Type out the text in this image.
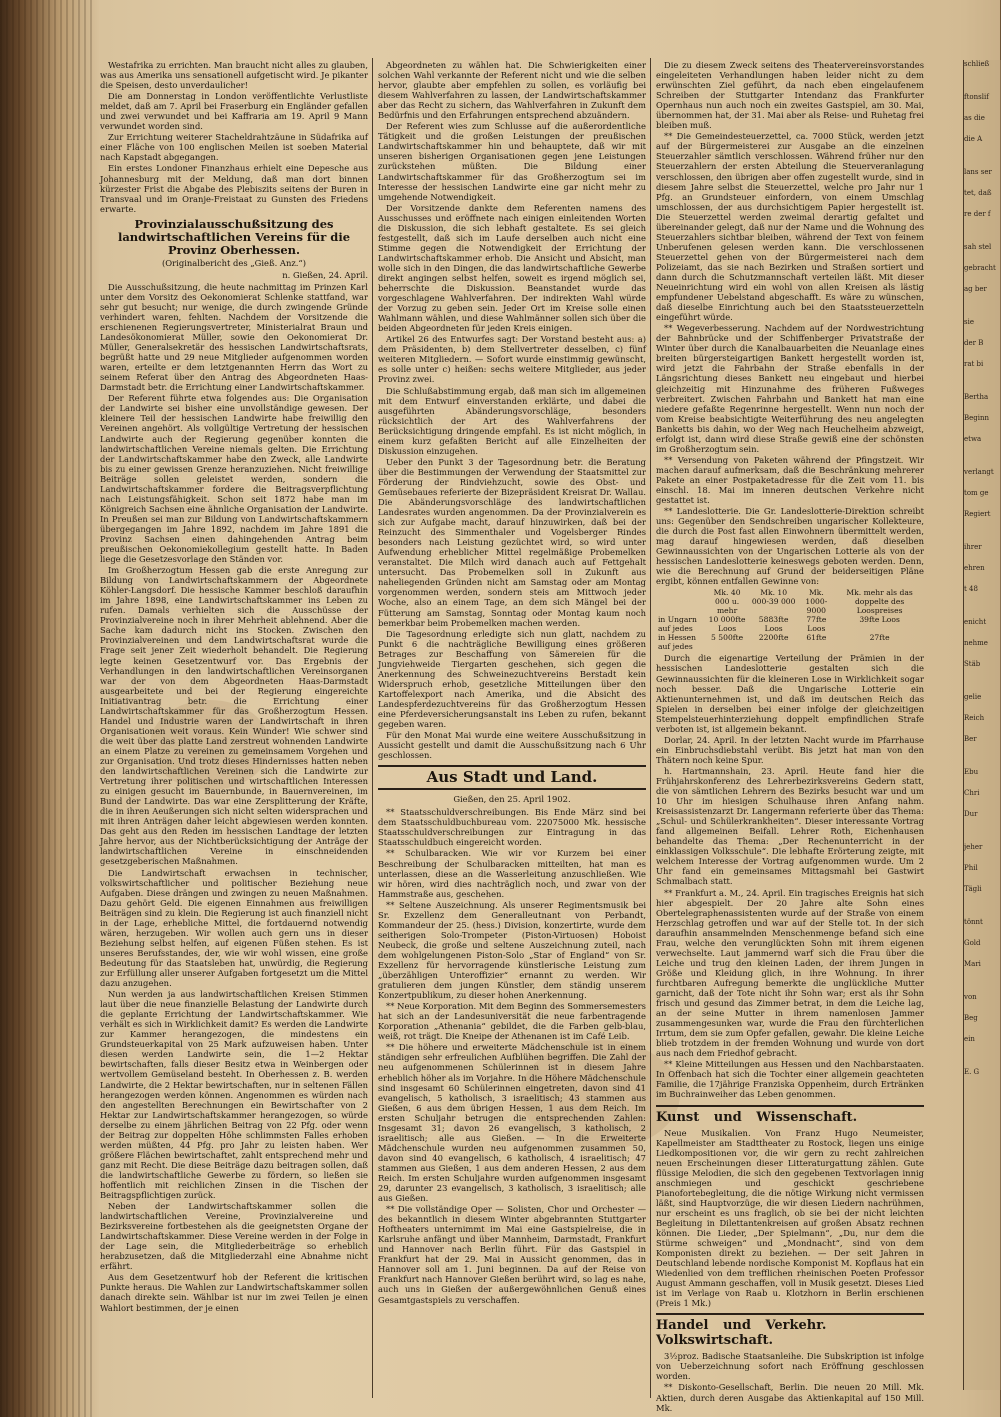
Westafrika zu errichten. Man braucht nicht alles zu glauben, was aus Amerika uns sensationell aufgetischt wird. Je pikanter die Speisen, desto unverdaulicher!

Die am Donnerstag in London veröffentlichte Verlustliste meldet, daß am 7. April bei Fraserburg ein Engländer gefallen und zwei verwundet und bei Kaffraria am 19. April 9 Mann verwundet worden sind.

Zur Errichtung weiterer Stacheldrahtzäune in Südafrika auf einer Fläche von 100 englischen Meilen ist soeben Material nach Kapstadt abgegangen.

Ein erstes Londoner Finanzhaus erhielt eine Depesche aus Johannesburg mit der Meldung, daß man dort binnen kürzester Frist die Abgabe des Plebiszits seitens der Buren in Transvaal und im Oranje-Freistaat zu Gunsten des Friedens erwarte.

Provinzialausschußsitzung des landwirtschaftlichen Vereins für die Provinz Oberhessen.
(Originalbericht des „Gieß. Anz.“)
n. Gießen, 24. April.

Die Ausschußsitzung, die heute nachmittag im Prinzen Karl unter dem Vorsitz des Oekonomierat Schlenke stattfand, war sehr gut besucht; nur wenige, die durch zwingende Gründe verhindert waren, fehlten. Nachdem der Vorsitzende die erschienenen Regierungsvertreter, Ministerialrat Braun und Landesökonomierat Müller, sowie den Oekonomierat Dr. Müller, Generalsekretär des hessischen Landwirtschaftsrats, begrüßt hatte und 29 neue Mitglieder aufgenommen worden waren, erteilte er dem letztgenannten Herrn das Wort zu seinem Referat über den Antrag des Abgeordneten Haas-Darmstadt betr. die Errichtung einer Landwirtschaftskammer.

Der Referent führte etwa folgendes aus: Die Organisation der Landwirte sei bisher eine unvollständige gewesen. Der kleinere Teil der hessischen Landwirte habe freiwillig den Vereinen angehört. Als vollgültige Vertretung der hessischen Landwirte auch der Regierung gegenüber konnten die landwirtschaftlichen Vereine niemals gelten. Die Errichtung der Landwirtschaftskammer habe den Zweck, alle Landwirte bis zu einer gewissen Grenze heranzuziehen. Nicht freiwillige Beiträge sollen geleistet werden, sondern die Landwirtschaftskammer fordere die Beitragsverpflichtung nach Leistungsfähigkeit. Schon seit 1872 habe man im Königreich Sachsen eine ähnliche Organisation der Landwirte. In Preußen sei man zur Bildung von Landwirtschaftskammern übergegangen im Jahre 1892, nachdem im Jahre 1891 die Provinz Sachsen einen dahingehenden Antrag beim preußischen Oekonomiekollegium gestellt hatte. In Baden liege die Gesetzesvorlage den Ständen vor.

Im Großherzogtum Hessen gab die erste Anregung zur Bildung von Landwirtschaftskammern der Abgeordnete Köhler-Langsdorf. Die hessische Kammer beschloß daraufhin im Jahre 1898, eine Landwirtschaftskammer ins Leben zu rufen. Damals verhielten sich die Ausschüsse der Provinzialvereine noch in ihrer Mehrheit ablehnend. Aber die Sache kam dadurch nicht ins Stocken. Zwischen den Provinzialvereinen und dem Landwirtschaftsrat wurde die Frage seit jener Zeit wiederholt behandelt. Die Regierung legte keinen Gesetzentwurf vor. Das Ergebnis der Verhandlungen in den landwirtschaftlichen Vereinsorganen war der von dem Abgeordneten Haas-Darmstadt ausgearbeitete und bei der Regierung eingereichte Initiativantrag betr. die Errichtung einer Landwirtschaftskammer für das Großherzogtum Hessen. Handel und Industrie waren der Landwirtschaft in ihren Organisationen weit voraus. Kein Wunder! Wie schwer sind die weit über das platte Land zerstreut wohnenden Landwirte an einem Platze zu vereinen zu gemeinsamem Vorgehen und zur Organisation. Und trotz dieses Hindernisses hatten neben den landwirtschaftlichen Vereinen sich die Landwirte zur Vertretung ihrer politischen und wirtschaftlichen Interessen zu einigen gesucht im Bauernbunde, in Bauernvereinen, im Bund der Landwirte. Das war eine Zersplitterung der Kräfte, die in ihren Aeußerungen sich nicht selten widersprachen und mit ihren Anträgen daher leicht abgewiesen werden konnten. Das geht aus den Reden im hessischen Landtage der letzten Jahre hervor, aus der Nichtberücksichtigung der Anträge der landwirtschaftlichen Vereine in einschneidenden gesetzgeberischen Maßnahmen.

Die Landwirtschaft erwachsen in technischer, volkswirtschaftlicher und politischer Beziehung neue Aufgaben. Diese drängen und zwingen zu neuen Maßnahmen. Dazu gehört Geld. Die eigenen Einnahmen aus freiwilligen Beiträgen sind zu klein. Die Regierung ist auch finanziell nicht in der Lage, erhebliche Mittel, die fortdauernd notwendig wären, herzugeben. Wir wollen auch gern uns in dieser Beziehung selbst helfen, auf eigenen Füßen stehen. Es ist unseres Berufsstandes, der, wie wir wohl wissen, eine große Bedeutung für das Staatsleben hat, unwürdig, die Regierung zur Erfüllung aller unserer Aufgaben fortgesetzt um die Mittel dazu anzugehen.

Nun werden ja aus landwirtschaftlichen Kreisen Stimmen laut über die neue finanzielle Belastung der Landwirte durch die geplante Errichtung der Landwirtschaftskammer. Wie verhält es sich in Wirklichkeit damit? Es werden die Landwirte zur Kammer herangezogen, die mindestens ein Grundsteuerkapital von 25 Mark aufzuweisen haben. Unter diesen werden Landwirte sein, die 1—2 Hektar bewirtschaften, falls dieser Besitz etwa in Weinbergen oder wertvollem Gemüseland besteht. In Oberhessen z. B. werden Landwirte, die 2 Hektar bewirtschaften, nur in seltenen Fällen herangezogen werden können. Angenommen es würden nach den angestellten Berechnungen ein Bewirtschafter von 2 Hektar zur Landwirtschaftskammer herangezogen, so würde derselbe zu einem jährlichen Beitrag von 22 Pfg. oder wenn der Beitrag zur doppelten Höhe schlimmsten Falles erhoben werden müßten, 44 Pfg. pro Jahr zu leisten haben. Wer größere Flächen bewirtschaftet, zahlt entsprechend mehr und ganz mit Recht. Die diese Beiträge dazu beitragen sollen, daß die landwirtschaftliche Gewerbe zu fördern, so ließen sie hoffentlich mit reichlichen Zinsen in die Tischen der Beitragspflichtigen zurück.

Neben der Landwirtschaftskammer sollen die landwirtschaftlichen Vereine, Provinzialvereine und Bezirksvereine fortbestehen als die geeignetsten Organe der Landwirtschaftskammer. Diese Vereine werden in der Folge in der Lage sein, die Mitgliederbeiträge so erheblich herabzusetzen, daß die Mitgliederzahl eine Abnahme nicht erfährt.

Aus dem Gesetzentwurf hob der Referent die kritischen Punkte heraus. Die Wahlen zur Landwirtschaftskammer sollen danach direkte sein. Wählbar ist nur im zwei Teilen je einen Wahlort bestimmen, der je einen

Abgeordneten zu wählen hat. Die Schwierigkeiten einer solchen Wahl verkannte der Referent nicht und wie die selben hervor, glaubte aber empfehlen zu sollen, es vorläufig bei diesem Wahlverfahren zu lassen, der Landwirtschaftskammer aber das Recht zu sichern, das Wahlverfahren in Zukunft dem Bedürfnis und den Erfahrungen entsprechend abzuändern.

Der Referent wies zum Schlusse auf die außerordentliche Tätigkeit und die großen Leistungen der preußischen Landwirtschaftskammer hin und behauptete, daß wir mit unseren bisherigen Organisationen gegen jene Leistungen zurückstehen müßten. Die Bildung einer Landwirtschaftskammer für das Großherzogtum sei im Interesse der hessischen Landwirte eine gar nicht mehr zu umgehende Notwendigkeit.

Der Vorsitzende dankte dem Referenten namens des Ausschusses und eröffnete nach einigen einleitenden Worten die Diskussion, die sich lebhaft gestaltete. Es sei gleich festgestellt, daß sich im Laufe derselben auch nicht eine Stimme gegen die Notwendigkeit der Errichtung der Landwirtschaftskammer erhob. Die Ansicht und Absicht, man wolle sich in den Dingen, die das landwirtschaftliche Gewerbe direkt angingen selbst helfen, soweit es irgend möglich sei, beherrschte die Diskussion. Beanstandet wurde das vorgeschlagene Wahlverfahren. Der indirekten Wahl würde der Vorzug zu geben sein. Jeder Ort im Kreise solle einen Wahlmann wählen, und diese Wahlmänner sollen sich über die beiden Abgeordneten für jeden Kreis einigen.

Artikel 26 des Entwurfes sagt: Der Vorstand besteht aus: a) dem Präsidenten, b) dem Stellvertreter desselben, c) fünf weiteren Mitgliedern. — Sofort wurde einstimmig gewünscht, es solle unter c) heißen: sechs weitere Mitglieder, aus jeder Provinz zwei.

Die Schlußabstimmung ergab, daß man sich im allgemeinen mit dem Entwurf einverstanden erklärte, und dabei die ausgeführten Abänderungsvorschläge, besonders rücksichtlich der Art des Wahlverfahrens der Berücksichtigung dringende empfahl. Es ist nicht möglich, in einem kurz gefaßten Bericht auf alle Einzelheiten der Diskussion einzugehen.

Ueber den Punkt 3 der Tagesordnung betr. die Beratung über die Bestimmungen der Verwendung der Staatsmittel zur Förderung der Rindviehzucht, sowie des Obst- und Gemüsebaues referierte der Bizepräsident Kreisrat Dr. Wallau. Die Abänderungsvorschläge des landwirtschaftlichen Landesrates wurden angenommen. Da der Provinzialverein es sich zur Aufgabe macht, darauf hinzuwirken, daß bei der Reinzucht des Simmenthaler und Vogelsberger Rindes besonders nach Leistung gezüchtet wird, so wird unter Aufwendung erheblicher Mittel regelmäßige Probemelken veranstaltet. Die Milch wird danach auch auf Fettgehalt untersucht. Das Probemelken soll in Zukunft aus naheliegenden Gründen nicht am Samstag oder am Montag vorgenommen werden, sondern steis am Mittwoch jeder Woche, also an einem Tage, an dem sich Mängel bei der Fütterung am Samstag, Sonntag oder Montag kaum noch bemerkbar beim Probemelken machen werden.

Die Tagesordnung erledigte sich nun glatt, nachdem zu Punkt 6 die nachträgliche Bewilligung eines größeren Betrages zur Beschaffung von Sämereien für die Jungviehweide Tiergarten geschehen, sich gegen die Anerkennung des Schweinezuchtvereins Berstadt kein Widerspruch erhob, gesetzliche Mitteilungen über den Kartoffelexport nach Amerika, und die Absicht des Landespferdezuchtvereins für das Großherzogtum Hessen eine Pferdeversicherungsanstalt ins Leben zu rufen, bekannt gegeben waren.

Für den Monat Mai wurde eine weitere Ausschußsitzung in Aussicht gestellt und damit die Ausschußsitzung nach 6 Uhr geschlossen.

Aus Stadt und Land.
Gießen, den 25. April 1902.

** Staatsschuldverschreibungen. Bis Ende März sind bei dem Staatsschuldbuchbureau vom. 22075000 Mk. hessische Staatsschuldverschreibungen zur Eintragung in das Staatsschuldbuch eingereicht worden.

** Schulbaracken. Wie wir vor Kurzem bei einer Beschreibung der Schulbaracken mitteilten, hat man es unterlassen, diese an die Wasserleitung anzuschließen. Wie wir hören, wird dies nachträglich noch, und zwar von der Hammstraße aus, geschehen.

** Seltene Auszeichnung. Als unserer Regimentsmusik bei Sr. Exzellenz dem Generalleutnant von Perbandt, Kommandeur der 25. (hess.) Division, konzertirte, wurde dem seitherigen Solo-Trompeter (Piston-Virtuosen) Hoboist Neubeck, die große und seltene Auszeichnung zuteil, nach dem wohlgelungenen Piston-Solo „Star of England“ von Sr. Exzellenz für hervorragende künstlerische Leistung zum „überzähligen Unteroffizier“ ernannt zu werden. Wir gratulieren dem jungen Künstler, dem ständig unserem Konzertpublikum, zu dieser hohen Anerkennung.

** Neue Korporation. Mit dem Beginn des Sommersemesters hat sich an der Landesuniversität die neue farbentragende Korporation „Athenania“ gebildet, die die Farben gelb-blau, weiß, rot trägt. Die Kneipe der Athenanen ist im Café Leib.

** Die höhere und erweiterte Mädchenschule ist in einem ständigen sehr erfreulichen Aufblühen begriffen. Die Zahl der neu aufgenommenen Schülerinnen ist in diesem Jahre erheblich höher als im Vorjahre. In die Höhere Mädchenschule sind insgesamt 60 Schülerinnen eingetreten, davon sind 41 evangelisch, 5 katholisch, 3 israelitisch; 43 stammen aus Gießen, 6 aus dem übrigen Hessen, 1 aus dem Reich. Im ersten Schuljahr betrugen die entsprechenden Zahlen: Insgesamt 31; davon 26 evangelisch, 3 katholisch, 2 israelitisch; alle aus Gießen. — In die Erweiterte Mädchenschule wurden neu aufgenommen zusammen 50, davon sind 40 evangelisch, 6 katholisch, 4 israelitisch; 47 stammen aus Gießen, 1 aus dem anderen Hessen, 2 aus dem Reich. Im ersten Schuljahre wurden aufgenommen insgesamt 29, darunter 23 evangelisch, 3 katholisch, 3 israelitisch; alle aus Gießen.

** Die vollständige Oper — Solisten, Chor und Orchester — des bekanntlich in diesem Winter abgebrannten Stuttgarter Hoftheaters unternimmt im Mai eine Gastspielreise, die in Karlsruhe anfängt und über Mannheim, Darmstadt, Frankfurt und Hannover nach Berlin führt. Für das Gastspiel in Frankfurt hat der 29. Mai in Aussicht genommen, das in Hannover soll am 1. Juni beginnen. Da auf der Reise von Frankfurt nach Hannover Gießen berührt wird, so lag es nahe, auch uns in Gießen der außergewöhnlichen Genuß eines Gesamtgastspiels zu verschaffen.

Die zu diesem Zweck seitens des Theatervereinsvorstandes eingeleiteten Verhandlungen haben leider nicht zu dem erwünschten Ziel geführt, da nach eben eingelaufenem Schreiben der Stuttgarter Intendanz das Frankfurter Opernhaus nun auch noch ein zweites Gastspiel, am 30. Mai, übernommen hat, der 31. Mai aber als Reise- und Ruhetag frei bleiben muß.

** Die Gemeindesteuerzettel, ca. 7000 Stück, werden jetzt auf der Bürgermeisterei zur Ausgabe an die einzelnen Steuerzahler sämtlich verschlossen. Während früher nur den Steuerzahlern der ersten Abteilung die Steuerveranlagung verschlossen, den übrigen aber offen zugestellt wurde, sind in diesem Jahre selbst die Steuerzettel, welche pro Jahr nur 1 Pfg. an Grundsteuer einfordern, von einem Umschlag umschlossen, der aus durchsichtigem Papier hergestellt ist. Die Steuerzettel werden zweimal derartig gefaltet und übereinander gelegt, daß nur der Name und die Wohnung des Steuerzahlers sichtbar bleiben, während der Text von feinem Unberufenen gelesen werden kann. Die verschlossenen Steuerzettel gehen von der Bürgermeisterei nach dem Polizeiamt, das sie nach Bezirken und Straßen sortiert und dann durch die Schutzmannschaft verteilen läßt. Mit dieser Neueinrichtung wird ein wohl von allen Kreisen als lästig empfundener Uebelstand abgeschafft. Es wäre zu wünschen, daß dieselbe Einrichtung auch bei den Staatssteuerzetteln eingeführt würde.

** Wegeverbesserung. Nachdem auf der Nordwestrichtung der Bahnbrücke und der Schiffenberger Privatstraße der Winter über durch die Kanalbauarbeiten die Neuanlage eines breiten bürgersteigartigen Bankett hergestellt worden ist, wird jetzt die Fahrbahn der Straße ebenfalls in der Längsrichtung dieses Bankett neu eingebaut und hierbei gleichzeitig mit Hinzunahme des früheren Fußweges verbreitert. Zwischen Fahrbahn und Bankett hat man eine niedere gefaßte Regenrinne hergestellt. Wenn nun noch der vom Kreise beabsichtigte Weiterführung des neu angelegten Banketts bis dahin, wo der Weg nach Heuchelheim abzweigt, erfolgt ist, dann wird diese Straße gewiß eine der schönsten im Großherzogtum sein.

** Versendung von Paketen während der Pfingstzeit. Wir machen darauf aufmerksam, daß die Beschränkung mehrerer Pakete an einer Postpaketadresse für die Zeit vom 11. bis einschl. 18. Mai im inneren deutschen Verkehre nicht gestattet ist.

** Landeslotterie. Die Gr. Landeslotterie-Direktion schreibt uns: Gegenüber den Sendschreiben ungarischer Kollekteure, die durch die Post fast allen Einwohnern übermittelt werden, mag darauf hingewiesen werden, daß dieselben Gewinnaussichten von der Ungarischen Lotterie als von der hessischen Landeslotterie keineswegs geboten werden. Denn, wie die Berechnung auf Grund der beiderseitigen Pläne ergibt, können entfallen Gewinne von:

	Mk. 40 000 u. mehr	Mk. 10 000-39 000	Mk. 1000-9000	Mk. mehr als das doppelte des Loospreises
in Ungarn auf jedes	10 000fte Loos	5883fte Loos	77fte Loos	39fte Loos
in Hessen auf jedes	5 500fte	2200fte	61fte	27fte

Durch die eigenartige Verteilung der Prämien in der hessischen Landeslotterie gestalten sich die Gewinnaussichten für die kleineren Lose in Wirklichkeit sogar noch besser. Daß die Ungarische Lotterie ein Aktienunternehmen ist, und daß im deutschen Reich das Spielen in derselben bei einer infolge der gleichzeitigen Stempelsteuerhinterziehung doppelt empfindlichen Strafe verboten ist, ist allgemein bekannt.

Dorlar, 24. April. In der letzten Nacht wurde im Pfarrhause ein Einbruchsdiebstahl verübt. Bis jetzt hat man von den Thätern noch keine Spur.

h. Hartmannshain, 23. April. Heute fand hier die Frühjahrskonferenz des Lehrerbezirksvereins Gedern statt, die von sämtlichen Lehrern des Bezirks besucht war und um 10 Uhr im hiesigen Schulhause ihren Anfang nahm. Kreisassistenzarzt Dr. Langermann referierte über das Thema: „Schul- und Schülerkrankheiten“. Dieser interessante Vortrag fand allgemeinen Beifall. Lehrer Roth, Eichenhausen behandelte das Thema: „Der Rechenunterricht in der einklassigen Volksschule“. Die lebhafte Erörterung zeigte, mit welchem Interesse der Vortrag aufgenommen wurde. Um 2 Uhr fand ein gemeinsames Mittagsmahl bei Gastwirt Schmalbach statt.

** Frankfurt a. M., 24. April. Ein tragisches Ereignis hat sich hier abgespielt. Der 20 Jahre alte Sohn eines Obertelegraphenassistenten wurde auf der Straße von einem Herzschlag getroffen und war auf der Stelle tot. In der sich daraufhin ansammelnden Menschenmenge befand sich eine Frau, welche den verunglückten Sohn mit ihrem eigenen verwechselte. Laut jammernd warf sich die Frau über die Leiche und trug den kleinen Laden, der ihrem Jungen in Größe und Kleidung glich, in ihre Wohnung. In ihrer furchtbaren Aufregung bemerkte die unglückliche Mutter garnicht, daß der Tote nicht ihr Sohn war; erst als ihr Sohn frisch und gesund das Zimmer betrat, in dem die Leiche lag, an der seine Mutter in ihrem namenlosen Jammer zusammengesunken war, wurde die Frau den fürchterlichen Irrtum, dem sie zum Opfer gefallen, gewahr. Die kleine Leiche blieb trotzdem in der fremden Wohnung und wurde von dort aus nach dem Friedhof gebracht.

** Kleine Mitteilungen aus Hessen und den Nachbarstaaten. In Offenbach hat sich die Tochter einer allgemein geachteten Familie, die 17jährige Franziska Oppenheim, durch Ertränken im Buchrainweiher das Leben genommen.

Kunst und Wissenschaft.

Neue Musikalien. Von Franz Hugo Neumeister, Kapellmeister am Stadttheater zu Rostock, liegen uns einige Liedkompositionen vor, die wir gern zu recht zahlreichen neuen Erscheinungen dieser Litteraturgattung zählen. Gute flüssige Melodien, die sich den gegebenen Textvorlagen innig anschmiegen und geschickt geschriebene Pianofortebegleitung, die die nötige Wirkung nicht vermissen läßt, sind Hauptvorzüge, die wir diesen Liedern nachrühmen, nur erscheint es uns fraglich, ob sie bei der nicht leichten Begleitung in Dilettantenkreisen auf großen Absatz rechnen können. Die Lieder, „Der Spielmann“, „Du, nur dem die Stürme schweigen“ und „Mondnacht“, sind von dem Komponisten direkt zu beziehen. — Der seit Jahren in Deutschland lebende nordische Komponist M. Kopflaus hat ein Wiedenlied von dem trefflichen rheinischen Poeten Professor August Ammann geschaffen, voll in Musik gesetzt. Dieses Lied ist im Verlage von Raab u. Klotzhorn in Berlin erschienen (Preis 1 Mk.)

Handel und Verkehr. Volkswirtschaft.

3½proz. Badische Staatsanleihe. Die Subskription ist infolge von Ueberzeichnung sofort nach Eröffnung geschlossen worden.

** Diskonto-Gesellschaft, Berlin. Die neuen 20 Mill. Mk. Aktien, durch deren Ausgabe das Aktienkapital auf 150 Mill. Mk.

schließ
ftonslif
as die
die A
lans ser
tet, daß
re der f
sah stel
gebracht
ag ber
sie
der B
rat bi
Bertha
Beginn
etwa
verlangt
tom ge
Regiert
ihrer
ehren
t 48
enicht
nehme
Stäb
gelie
Reich
Ber
Ebu
Chri
Dur
jeher
Phil
Tägli
tönnt
Gold
Mari
von
Beg
ein
E. G
